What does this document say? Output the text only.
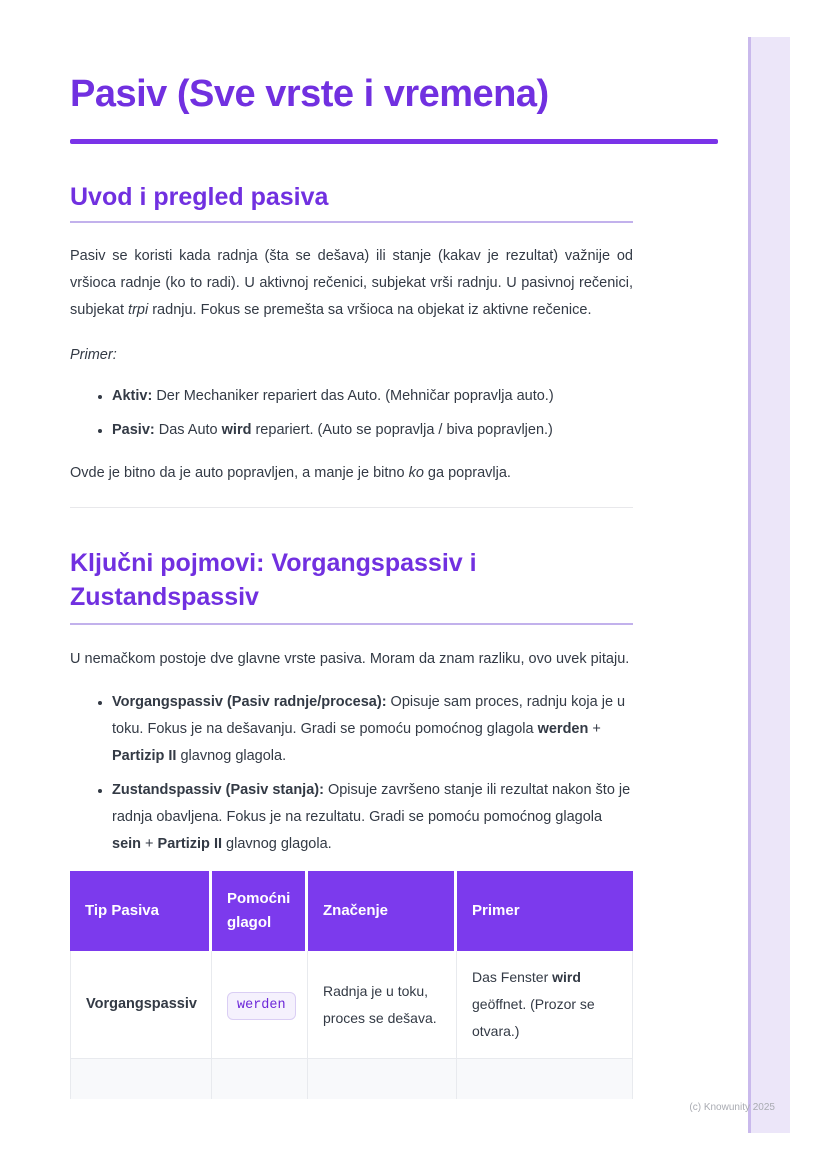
Pasiv (Sve vrste i vremena)
Uvod i pregled pasiva

Pasiv se koristi kada radnja (šta se dešava) ili stanje (kakav je rezultat) važnije od vršioca radnje (ko to radi). U aktivnoj rečenici, subjekat vrši radnju. U pasivnoj rečenici, subjekat trpi radnju. Fokus se premešta sa vršioca na objekat iz aktivne rečenice.

Primer:

• Aktiv: Der Mechaniker repariert das Auto. (Mehničar popravlja auto.)
• Pasiv: Das Auto wird repariert. (Auto se popravlja / biva popravljen.)

Ovde je bitno da je auto popravljen, a manje je bitno ko ga popravlja.

Ključni pojmovi: Vorgangspassiv i Zustandspassiv

U nemačkom postoje dve glavne vrste pasiva. Moram da znam razliku, ovo uvek pitaju.

• Vorgangspassiv (Pasiv radnje/procesa): Opisuje sam proces, radnju koja je u toku. Fokus je na dešavanju. Gradi se pomoću pomoćnog glagola werden + Partizip II glavnog glagola.
• Zustandspassiv (Pasiv stanja): Opisuje završeno stanje ili rezultat nakon što je radnja obavljena. Fokus je na rezultatu. Gradi se pomoću pomoćnog glagola sein + Partizip II glavnog glagola.
Tip Pasiva	Pomoćni glagol	Značenje	Primer
Vorgangspassiv	werden	Radnja je u toku, proces se dešava.	Das Fenster wird geöffnet. (Prozor se otvara.)

(c) Knowunity 2025
